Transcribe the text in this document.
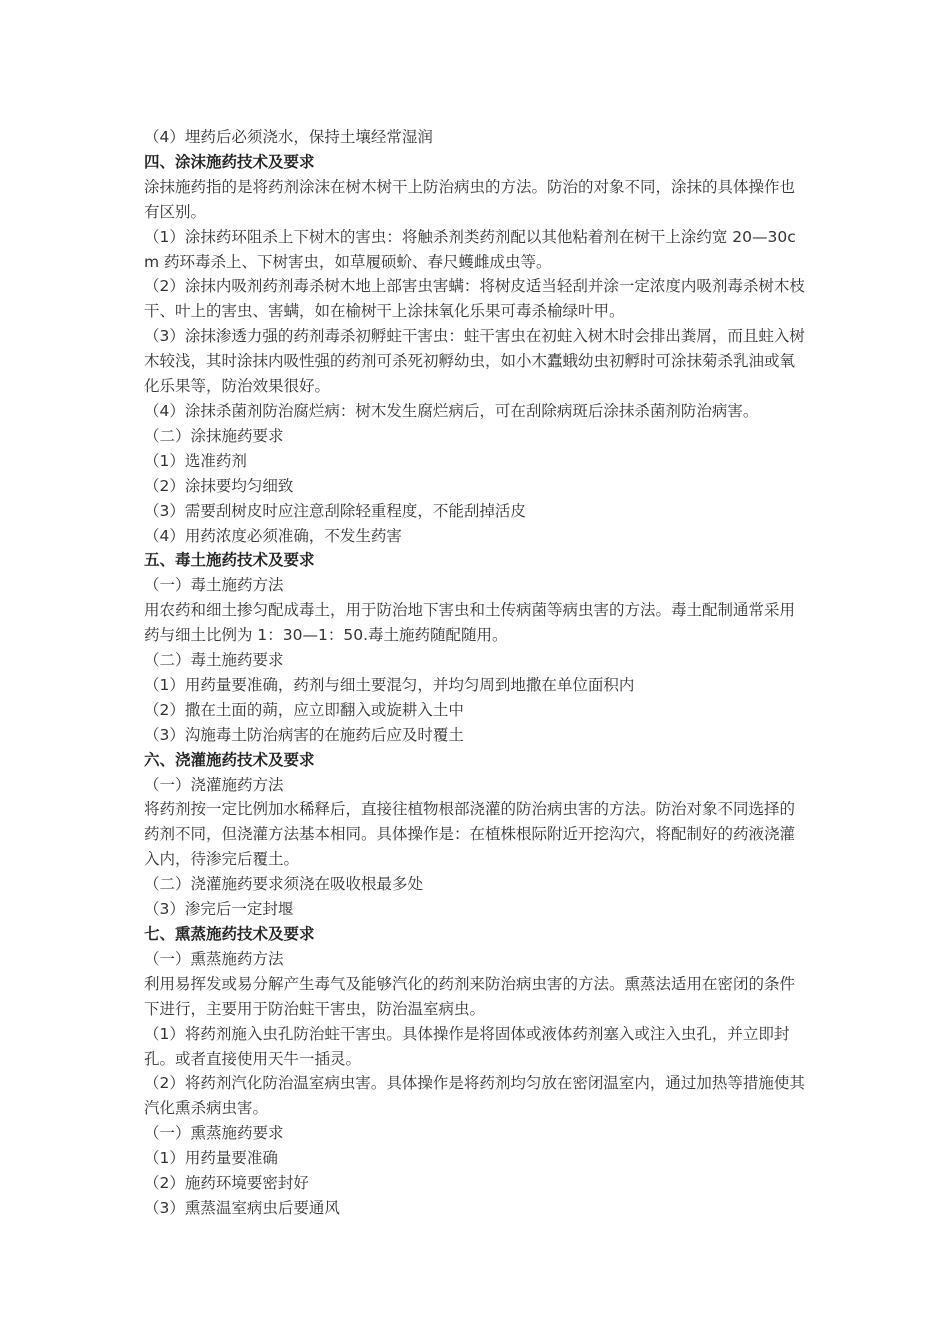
（4）埋药后必须浇水，保持土壤经常湿润

四、涂沫施药技术及要求

涂抹施药指的是将药剂涂沫在树木树干上防治病虫的方法。防治的对象不同，涂抹的具体操作也有区别。

（1）涂抹药环阻杀上下树木的害虫：将触杀剂类药剂配以其他粘着剂在树干上涂约宽 20—30cm 药环毒杀上、下树害虫，如草履硕蚧、春尺蠖雌成虫等。

（2）涂抹内吸剂药剂毒杀树木地上部害虫害螨：将树皮适当轻刮并涂一定浓度内吸剂毒杀树木枝干、叶上的害虫、害螨，如在榆树干上涂抹氧化乐果可毒杀榆绿叶甲。

（3）涂抹渗透力强的药剂毒杀初孵蛀干害虫：蛀干害虫在初蛀入树木时会排出粪屑，而且蛀入树木较浅，其时涂抹内吸性强的药剂可杀死初孵幼虫，如小木蠹蛾幼虫初孵时可涂抹菊杀乳油或氧化乐果等，防治效果很好。

（4）涂抹杀菌剂防治腐烂病：树木发生腐烂病后，可在刮除病斑后涂抹杀菌剂防治病害。

（二）涂抹施药要求

（1）选准药剂

（2）涂抹要均匀细致

（3）需要刮树皮时应注意刮除轻重程度，不能刮掉活皮

（4）用药浓度必须准确，不发生药害

五、毒土施药技术及要求

（一）毒土施药方法

用农药和细土掺匀配成毒土，用于防治地下害虫和土传病菌等病虫害的方法。毒土配制通常采用药与细土比例为 1：30—1：50.毒土施药随配随用。

（二）毒土施药要求

（1）用药量要准确，药剂与细土要混匀，并均匀周到地撒在单位面积内

（2）撒在土面的蒴，应立即翻入或旋耕入土中

（3）沟施毒土防治病害的在施药后应及时覆土

六、浇灌施药技术及要求

（一）浇灌施药方法

将药剂按一定比例加水稀释后，直接往植物根部浇灌的防治病虫害的方法。防治对象不同选择的药剂不同，但浇灌方法基本相同。具体操作是：在植株根际附近开挖沟穴，将配制好的药液浇灌入内，待渗完后覆土。

（二）浇灌施药要求须浇在吸收根最多处

（3）渗完后一定封堰

七、熏蒸施药技术及要求

（一）熏蒸施药方法

利用易挥发或易分解产生毒气及能够汽化的药剂来防治病虫害的方法。熏蒸法适用在密闭的条件下进行，主要用于防治蛀干害虫，防治温室病虫。

（1）将药剂施入虫孔防治蛀干害虫。具体操作是将固体或液体药剂塞入或注入虫孔，并立即封孔。或者直接使用天牛一插灵。

（2）将药剂汽化防治温室病虫害。具体操作是将药剂均匀放在密闭温室内，通过加热等措施使其汽化熏杀病虫害。

（一）熏蒸施药要求

（1）用药量要准确

（2）施药环境要密封好

（3）熏蒸温室病虫后要通风
